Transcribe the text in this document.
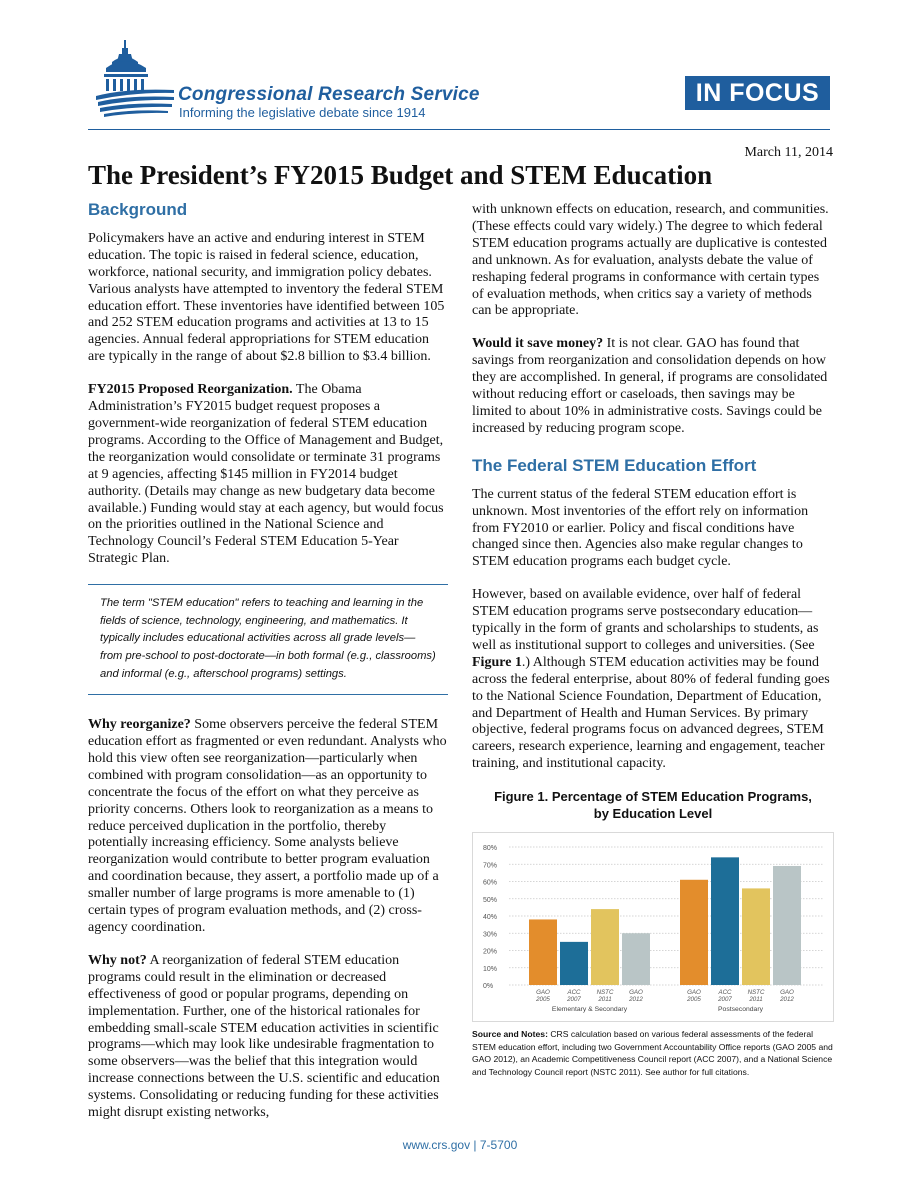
Congressional Research Service
Informing the legislative debate since 1914
IN FOCUS
March 11, 2014
The President’s FY2015 Budget and STEM Education
Background

Policymakers have an active and enduring interest in STEM education. The topic is raised in federal science, education, workforce, national security, and immigration policy debates. Various analysts have attempted to inventory the federal STEM education effort. These inventories have identified between 105 and 252 STEM education programs and activities at 13 to 15 agencies. Annual federal appropriations for STEM education are typically in the range of about $2.8 billion to $3.4 billion.

FY2015 Proposed Reorganization. The Obama Administration’s FY2015 budget request proposes a government-wide reorganization of federal STEM education programs. According to the Office of Management and Budget, the reorganization would consolidate or terminate 31 programs at 9 agencies, affecting $145 million in FY2014 budget authority. (Details may change as new budgetary data become available.) Funding would stay at each agency, but would focus on the priorities outlined in the National Science and Technology Council’s Federal STEM Education 5-Year Strategic Plan.

The term "STEM education" refers to teaching and learning in the fields of science, technology, engineering, and mathematics. It typically includes educational activities across all grade levels—from pre-school to post-doctorate—in both formal (e.g., classrooms) and informal (e.g., afterschool programs) settings.

Why reorganize? Some observers perceive the federal STEM education effort as fragmented or even redundant. Analysts who hold this view often see reorganization—particularly when combined with program consolidation—as an opportunity to concentrate the focus of the effort on what they perceive as priority concerns. Others look to reorganization as a means to reduce perceived duplication in the portfolio, thereby potentially increasing efficiency. Some analysts believe reorganization would contribute to better program evaluation and coordination because, they assert, a portfolio made up of a smaller number of large programs is more amenable to (1) certain types of program evaluation methods, and (2) cross-agency coordination.

Why not? A reorganization of federal STEM education programs could result in the elimination or decreased effectiveness of good or popular programs, depending on implementation. Further, one of the historical rationales for embedding small-scale STEM education activities in scientific programs—which may look like undesirable fragmentation to some observers—was the belief that this integration would increase connections between the U.S. scientific and education systems. Consolidating or reducing funding for these activities might disrupt existing networks,

with unknown effects on education, research, and communities. (These effects could vary widely.) The degree to which federal STEM education programs actually are duplicative is contested and unknown. As for evaluation, analysts debate the value of reshaping federal programs in conformance with certain types of evaluation methods, when critics say a variety of methods can be appropriate.

Would it save money? It is not clear. GAO has found that savings from reorganization and consolidation depends on how they are accomplished. In general, if programs are consolidated without reducing effort or caseloads, then savings may be limited to about 10% in administrative costs. Savings could be increased by reducing program scope.

The Federal STEM Education Effort

The current status of the federal STEM education effort is unknown. Most inventories of the effort rely on information from FY2010 or earlier. Policy and fiscal conditions have changed since then. Agencies also make regular changes to STEM education programs each budget cycle.

However, based on available evidence, over half of federal STEM education programs serve postsecondary education—typically in the form of grants and scholarships to students, as well as institutional support to colleges and universities. (See Figure 1.) Although STEM education activities may be found across the federal enterprise, about 80% of federal funding goes to the National Science Foundation, Department of Education, and Department of Health and Human Services. By primary objective, federal programs focus on advanced degrees, STEM careers, research experience, learning and engagement, teacher training, and institutional capacity.

Figure 1. Percentage of STEM Education Programs,
by Education Level
0%
10%
20%
30%
40%
50%
60%
70%
80%
GAO
2005
ACC
2007
NSTC
2011
GAO
2012
Elementary & Secondary
GAO
2005
ACC
2007
NSTC
2011
GAO
2012
Postsecondary
Source and Notes: CRS calculation based on various federal assessments of the federal STEM education effort, including two Government Accountability Office reports (GAO 2005 and GAO 2012), an Academic Competitiveness Council report (ACC 2007), and a National Science and Technology Council report (NSTC 2011). See author for full citations.
www.crs.gov | 7-5700
